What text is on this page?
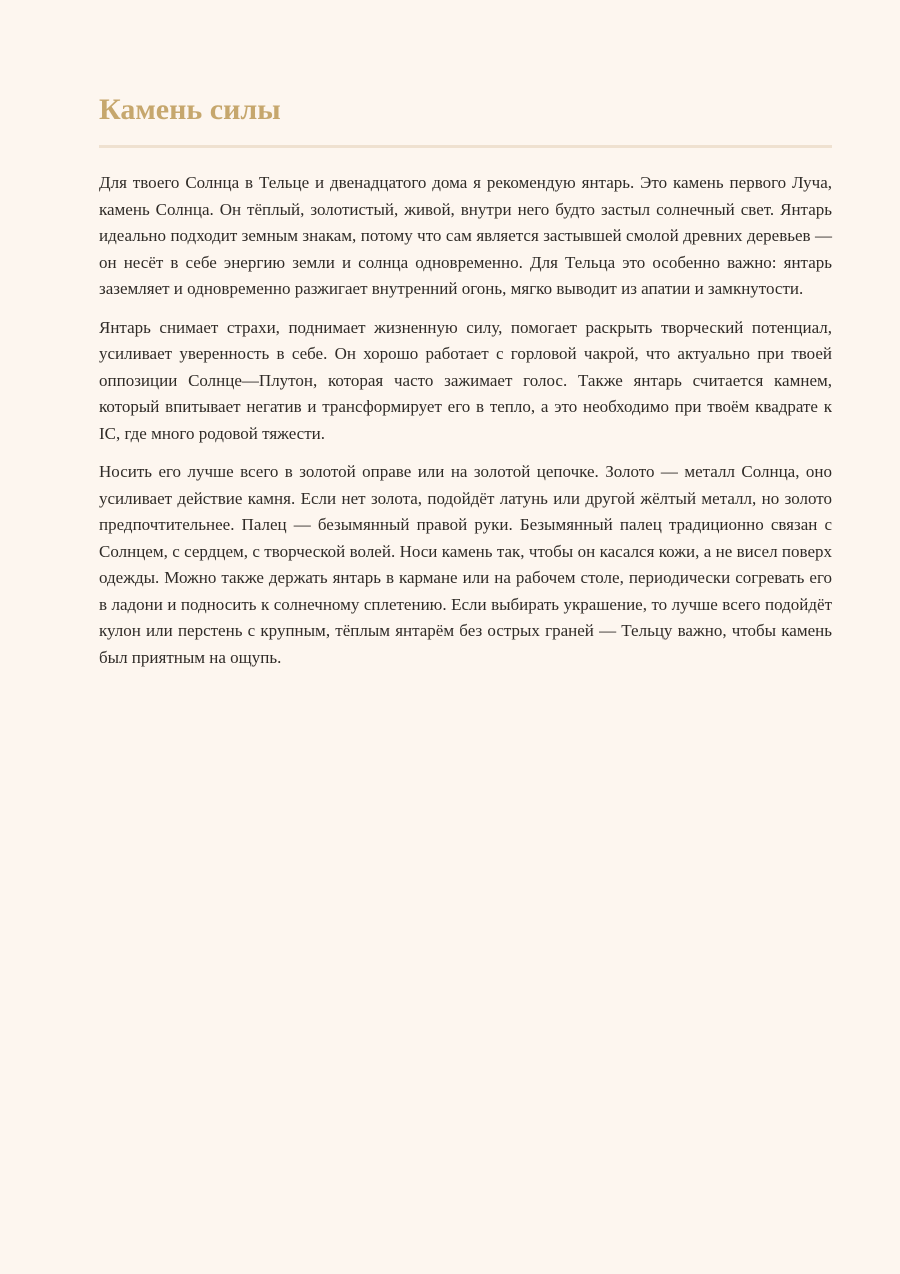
Камень силы

Для твоего Солнца в Тельце и двенадцатого дома я рекомендую янтарь. Это камень первого Луча, камень Солнца. Он тёплый, золотистый, живой, внутри него будто застыл солнечный свет. Янтарь идеально подходит земным знакам, потому что сам является застывшей смолой древних деревьев — он несёт в себе энергию земли и солнца одновременно. Для Тельца это особенно важно: янтарь заземляет и одновременно разжигает внутренний огонь, мягко выводит из апатии и замкнутости.

Янтарь снимает страхи, поднимает жизненную силу, помогает раскрыть творческий потенциал, усиливает уверенность в себе. Он хорошо работает с горловой чакрой, что актуально при твоей оппозиции Солнце—Плутон, которая часто зажимает голос. Также янтарь считается камнем, который впитывает негатив и трансформирует его в тепло, а это необходимо при твоём квадрате к IC, где много родовой тяжести.

Носить его лучше всего в золотой оправе или на золотой цепочке. Золото — металл Солнца, оно усиливает действие камня. Если нет золота, подойдёт латунь или другой жёлтый металл, но золото предпочтительнее. Палец — безымянный правой руки. Безымянный палец традиционно связан с Солнцем, с сердцем, с творческой волей. Носи камень так, чтобы он касался кожи, а не висел поверх одежды. Можно также держать янтарь в кармане или на рабочем столе, периодически согревать его в ладони и подносить к солнечному сплетению. Если выбирать украшение, то лучше всего подойдёт кулон или перстень с крупным, тёплым янтарём без острых граней — Тельцу важно, чтобы камень был приятным на ощупь.
